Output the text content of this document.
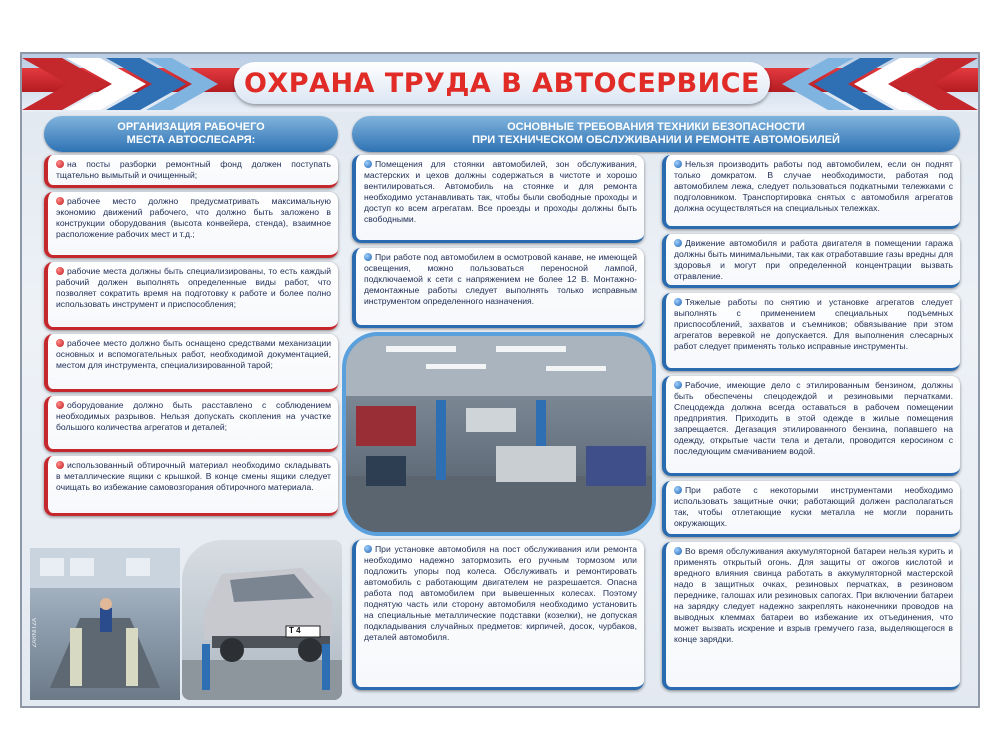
ОХРАНА ТРУДА В АВТОСЕРВИСЕ
ОРГАНИЗАЦИЯ РАБОЧЕГО
МЕСТА АВТОСЛЕСАРЯ:
ОСНОВНЫЕ ТРЕБОВАНИЯ ТЕХНИКИ БЕЗОПАСНОСТИ
ПРИ ТЕХНИЧЕСКОМ ОБСЛУЖИВАНИИ И РЕМОНТЕ АВТОМОБИЛЕЙ
на посты разборки ремонтный фонд должен поступать тщательно вымытый и очищенный;
рабочее место должно предусматривать максимальную экономию движений рабочего, что должно быть заложено в конструкции оборудования (высота конвейера, стенда), взаимное расположение рабочих мест и т.д.;
рабочие места должны быть специализированы, то есть каждый рабочий должен выполнять определенные виды работ, что позволяет сократить время на подготовку к работе и более полно использовать инструмент и приспособления;
рабочее место должно быть оснащено средствами механизации основных и вспомогательных работ, необходимой документацией, местом для инструмента, специализированной тарой;
оборудование должно быть расставлено с соблюдением необходимых разрывов. Нельзя допускать скопления на участке большого количества агрегатов и деталей;
использованный обтирочный материал необходимо складывать в металлические ящики с крышкой. В конце смены ящики следует очищать во избежание самовозгорания обтирочного материала.
ZARNITZA	Т 4
Помещения для стоянки автомобилей, зон обслуживания, мастерских и цехов должны содержаться в чистоте и хорошо вентилироваться. Автомобиль на стоянке и для ремонта необходимо устанавливать так, чтобы были свободные проходы и доступ ко всем агрегатам. Все проезды и проходы должны быть свободными.
При работе под автомобилем в осмотровой канаве, не имеющей освещения, можно пользоваться переносной лампой, подключаемой к сети с напряжением не более 12 В. Монтажно-демонтажные работы следует выполнять только исправным инструментом определенного назначения.
При установке автомобиля на пост обслуживания или ремонта необходимо надежно затормозить его ручным тормозом или подложить упоры под колеса. Обслуживать и ремонтировать автомобиль с работающим двигателем не разрешается. Опасна работа под автомобилем при вывешенных колесах. Поэтому поднятую часть или сторону автомобиля необходимо установить на специальные металлические подставки (козелки), не допуская подкладывания случайных предметов: кирпичей, досок, чурбаков, деталей автомобиля.
Нельзя производить работы под автомобилем, если он поднят только домкратом. В случае необходимости, работая под автомобилем лежа, следует пользоваться подкатными тележками с подголовником. Транспортировка снятых с автомобиля агрегатов должна осуществляться на специальных тележках.
Движение автомобиля и работа двигателя в помещении гаража должны быть минимальными, так как отработавшие газы вредны для здоровья и могут при определенной концентрации вызвать отравление.
Тяжелые работы по снятию и установке агрегатов следует выполнять с применением специальных подъемных приспособлений, захватов и съемников; обвязывание при этом агрегатов веревкой не допускается. Для выполнения слесарных работ следует применять только исправные инструменты.
Рабочие, имеющие дело с этилированным бензином, должны быть обеспечены спецодеждой и резиновыми перчатками. Спецодежда должна всегда оставаться в рабочем помещении предприятия. Приходить в этой одежде в жилые помещения запрещается. Дегазация этилированного бензина, попавшего на одежду, открытые части тела и детали, проводится керосином с последующим смачиванием водой.
При работе с некоторыми инструментами необходимо использовать защитные очки; работающий должен располагаться так, чтобы отлетающие куски металла не могли поранить окружающих.
Во время обслуживания аккумуляторной батареи нельзя курить и применять открытый огонь. Для защиты от ожогов кислотой и вредного влияния свинца работать в аккумуляторной мастерской надо в защитных очках, резиновых перчатках, в резиновом переднике, галошах или резиновых сапогах. При включении батареи на зарядку следует надежно закреплять наконечники проводов на выводных клеммах батареи во избежание их отъединения, что может вызвать искрение и взрыв гремучего газа, выделяющегося в конце зарядки.
